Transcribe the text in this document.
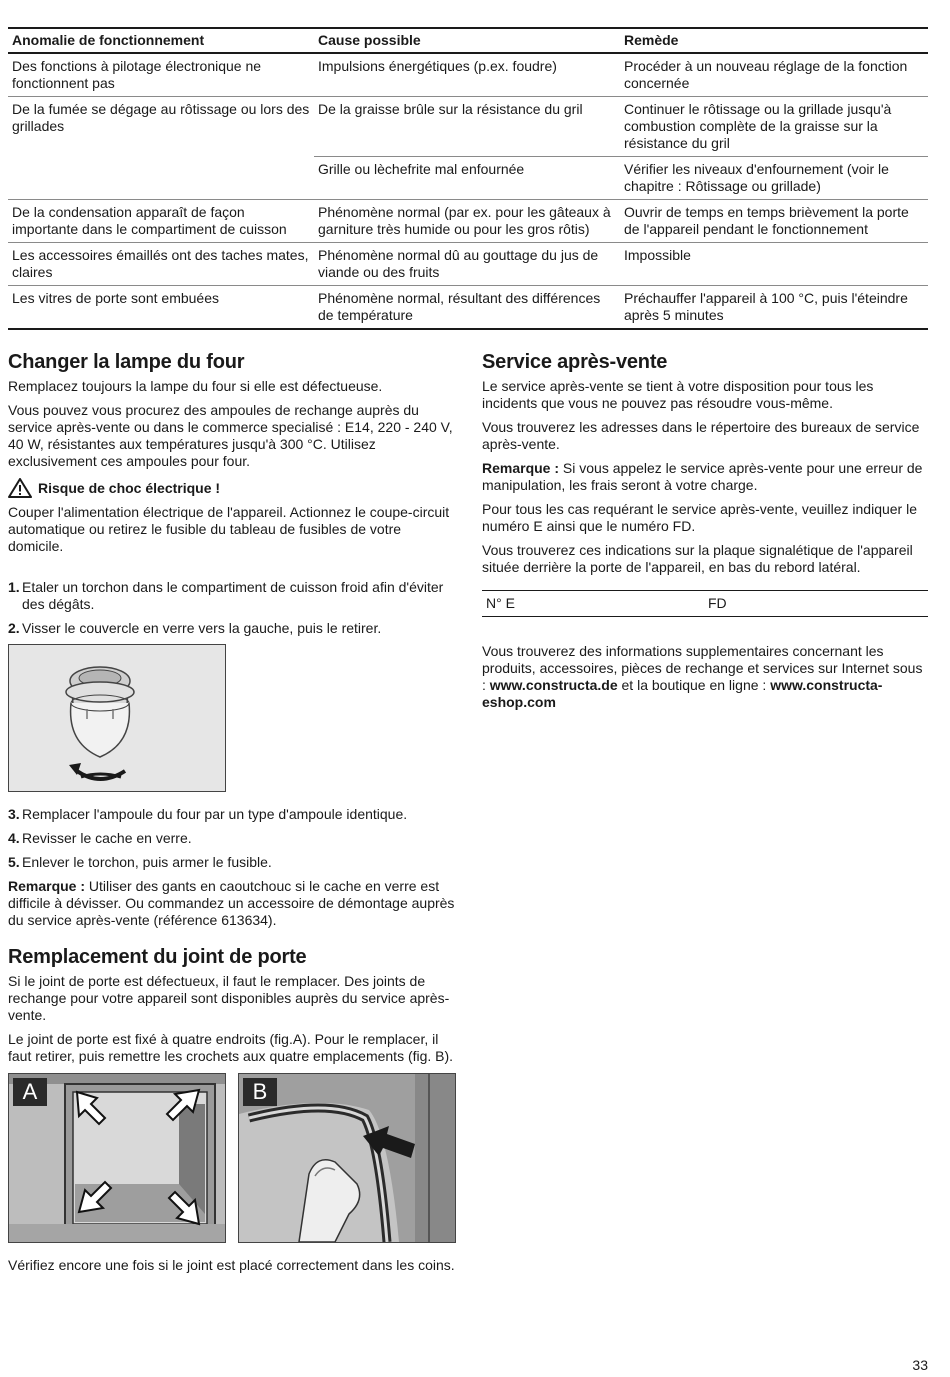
Anomalie de fonctionnement	Cause possible	Remède
Des fonctions à pilotage électronique ne fonctionnent pas	Impulsions énergétiques (p.ex. foudre)	Procéder à un nouveau réglage de la fonction concernée
De la fumée se dégage au rôtissage ou lors des grillades	De la graisse brûle sur la résistance du gril	Continuer le rôtissage ou la grillade jusqu'à combustion complète de la graisse sur la résistance du gril
	Grille ou lèchefrite mal enfournée	Vérifier les niveaux d'enfournement (voir le chapitre : Rôtissage ou grillade)
De la condensation apparaît de façon importante dans le compartiment de cuisson	Phénomène normal (par ex. pour les gâteaux à garniture très humide ou pour les gros rôtis)	Ouvrir de temps en temps brièvement la porte de l'appareil pendant le fonctionnement
Les accessoires émaillés ont des taches mates, claires	Phénomène normal dû au gouttage du jus de viande ou des fruits	Impossible
Les vitres de porte sont embuées	Phénomène normal, résultant des différences de température	Préchauffer l'appareil à 100 °C, puis l'éteindre après 5 minutes
Changer la lampe du four

Remplacez toujours la lampe du four si elle est défectueuse.

Vous pouvez vous procurez des ampoules de rechange auprès du service après-vente ou dans le commerce specialisé : E14, 220 - 240 V, 40 W, résistantes aux températures jusqu'à 300 °C. Utilisez exclusivement ces ampoules pour four.

Risque de choc électrique !

Couper l'alimentation électrique de l'appareil. Actionnez le coupe-circuit automatique ou retirez le fusible du tableau de fusibles de votre domicile.

1. Etaler un torchon dans le compartiment de cuisson froid afin d'éviter des dégâts.
2. Visser le couvercle en verre vers la gauche, puis le retirer.
3. Remplacer l'ampoule du four par un type d'ampoule identique.
4. Revisser le cache en verre.
5. Enlever le torchon, puis armer le fusible.

Remarque : Utiliser des gants en caoutchouc si le cache en verre est difficile à dévisser. Ou commandez un accessoire de démontage auprès du service après-vente (référence 613634).

Remplacement du joint de porte

Si le joint de porte est défectueux, il faut le remplacer. Des joints de rechange pour votre appareil sont disponibles auprès du service après-vente.

Le joint de porte est fixé à quatre endroits (fig.A). Pour le remplacer, il faut retirer, puis remettre les crochets aux quatre emplacements (fig. B).

A	B

Vérifiez encore une fois si le joint est placé correctement dans les coins.

Service après-vente

Le service après-vente se tient à votre disposition pour tous les incidents que vous ne pouvez pas résoudre vous-même.

Vous trouverez les adresses dans le répertoire des bureaux de service après-vente.

Remarque : Si vous appelez le service après-vente pour une erreur de manipulation, les frais seront à votre charge.

Pour tous les cas requérant le service après-vente, veuillez indiquer le numéro E ainsi que le numéro FD.

Vous trouverez ces indications sur la plaque signalétique de l'appareil située derrière la porte de l'appareil, en bas du rebord latéral.

N° E	FD

Vous trouverez des informations supplementaires concernant les produits, accessoires, pièces de rechange et services sur Internet sous : www.constructa.de et la boutique en ligne : www.constructa-eshop.com

33
